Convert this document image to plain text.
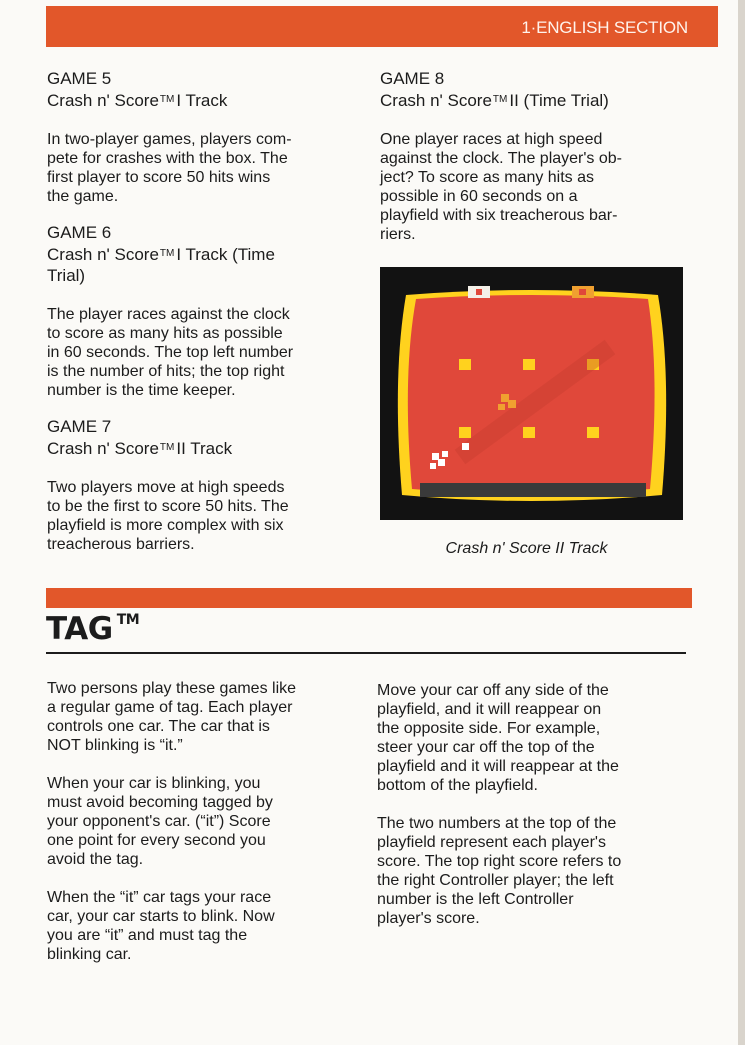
1·ENGLISH SECTION
GAME 5
Crash n' Score™ I Track

In two-player games, players com-
pete for crashes with the box. The
first player to score 50 hits wins
the game.

GAME 6
Crash n' Score™ I Track (Time
Trial)

The player races against the clock
to score as many hits as possible
in 60 seconds. The top left number
is the number of hits; the top right
number is the time keeper.

GAME 7
Crash n' Score™ II Track

Two players move at high speeds
to be the first to score 50 hits. The
playfield is more complex with six
treacherous barriers.

GAME 8
Crash n' Score™ II (Time Trial)

One player races at high speed
against the clock. The player's ob-
ject? To score as many hits as
possible in 60 seconds on a
playfield with six treacherous bar-
riers.

Crash n' Score II Track
TAG ™

Two persons play these games like
a regular game of tag. Each player
controls one car. The car that is
NOT blinking is “it.”

When your car is blinking, you
must avoid becoming tagged by
your opponent's car. (“it”) Score
one point for every second you
avoid the tag.

When the “it” car tags your race
car, your car starts to blink. Now
you are “it” and must tag the
blinking car.

Move your car off any side of the
playfield, and it will reappear on
the opposite side. For example,
steer your car off the top of the
playfield and it will reappear at the
bottom of the playfield.

The two numbers at the top of the
playfield represent each player's
score. The top right score refers to
the right Controller player; the left
number is the left Controller
player's score.
